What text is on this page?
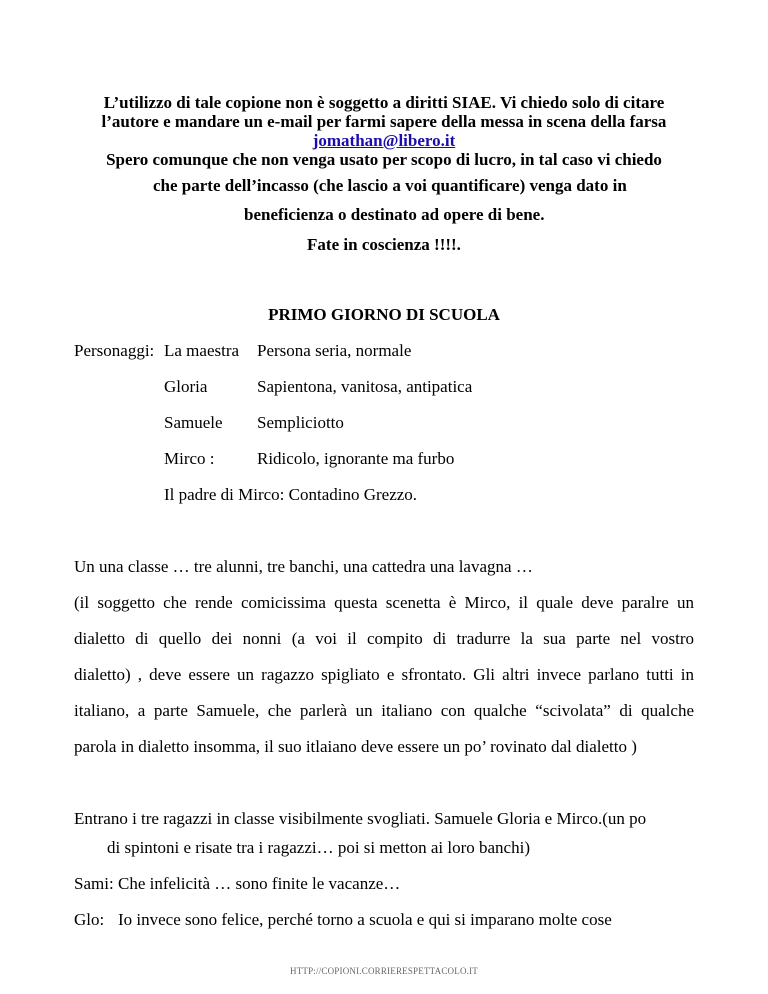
L’utilizzo di tale copione non è soggetto a diritti SIAE. Vi chiedo solo di citare
l’autore e mandare un e-mail per farmi sapere della messa in scena della farsa
jomathan@libero.it
Spero comunque che non venga usato per scopo di lucro, in tal caso vi chiedo
che parte dell’incasso (che lascio a voi quantificare) venga dato in
beneficienza o destinato ad opere di bene.
Fate in coscienza !!!!.
PRIMO GIORNO DI SCUOLA
Personaggi: La maestra Persona seria, normale
Gloria	Sapientona, vanitosa, antipatica
Samuele Sempliciotto
Mirco : Ridicolo, ignorante ma furbo
Il padre di Mirco: Contadino Grezzo.
Un una classe … tre alunni, tre banchi, una cattedra una lavagna …
(il soggetto che rende comicissima questa scenetta è Mirco, il quale deve paralre un
dialetto di quello dei nonni (a voi il compito di tradurre la sua parte nel vostro
dialetto) , deve essere un ragazzo spigliato e sfrontato. Gli altri invece parlano tutti in
italiano, a parte Samuele, che parlerà un italiano con qualche “scivolata” di qualche
parola in dialetto insomma, il suo itlaiano deve essere un po’ rovinato dal dialetto )
Entrano i tre ragazzi in classe visibilmente svogliati. Samuele Gloria e Mirco.(un po
di spintoni e risate tra i ragazzi… poi si metton ai loro banchi)
Sami: Che infelicità … sono finite le vacanze…
Glo: Io invece sono felice, perché torno a scuola e qui si imparano molte cose
HTTP://COPIONI.CORRIERESPETTACOLO.IT
